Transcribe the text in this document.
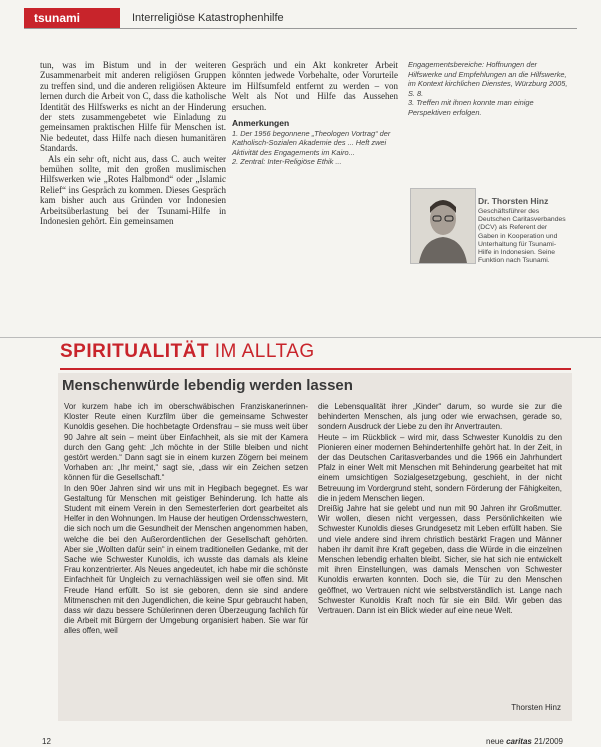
tsunami	Interreligiöse Katastrophenhilfe

tun, was im Bistum und in der weiteren Zusammenarbeit mit anderen religiösen Gruppen zu treffen sind, und die anderen religiösen Akteure lernen durch die Arbeit von C, dass die katholische Identität des Hilfswerks es nicht an der Hinderung der stets zusammengebetet wie Einladung zu gemeinsamen praktischen Hilfe für Menschen ist. Nie bedeutet, dass Hilfe nach diesen humanitären Standards.

Als ein sehr oft, nicht aus, dass C. auch weiter bemühen sollte, mit den großen muslimischen Hilfswerken wie „Rotes Halbmond“ oder „Islamic Relief“ ins Gespräch zu kommen. Dieses Gespräch kam bisher auch aus Gründen vor Indonesien Arbeitsüberlastung bei der Tsunami-Hilfe in Indonesien gehört. Ein gemeinsamen

Gespräch und ein Akt konkreter Arbeit könnten jedwede Vorbehalte, oder Vorurteile im Hilfsumfeld entfernt zu werden – von Welt als Not und Hilfe das Aussehen ersuchen.

Anmerkungen

1. Der 1956 begonnene „Theologen Vortrag“ der Katholisch-Sozialen Akademie des ... Heft zwei Aktivität des Engagements im Kairo...

2. Zentral: Inter-Religiöse Ethik ...

Engagementsbereiche: Hoffnungen der Hilfswerke und Empfehlungen an die Hilfswerke, im Kontext kirchlichen Dienstes, Würzburg 2005, S. 8.

3. Treffen mit ihnen konnte man einige Perspektiven erfolgen.

Dr. Thorsten Hinz
Geschäftsführer des Deutschen Caritasverbandes (DCV) als Referent der Gaben in Kooperation und Unterhaltung für Tsunami-Hilfe in Indonesien. Seine Funktion nach Tsunami.
SPIRITUALITÄT IM ALLTAG
Menschenwürde lebendig werden lassen

Vor kurzem habe ich im oberschwäbischen Franziskanerinnen-Kloster Reute einen Kurzfilm über die gemeinsame Schwester Kunoldis gesehen. Die hochbetagte Ordensfrau – sie muss weit über 90 Jahre alt sein – meint über Einfachheit, als sie mit der Kamera durch den Gang geht: „Ich möchte in der Stille bleiben und nicht gestört werden.“ Dann sagt sie in einem kurzen Zögern bei meinem Vorhaben an: „Ihr meint,“ sagt sie, „dass wir ein Zeichen setzen können für die Gesellschaft.“

In den 90er Jahren sind wir uns mit in Hegibach begegnet. Es war Gestaltung für Menschen mit geistiger Behinderung. Ich hatte als Student mit einem Verein in den Semesterferien dort gearbeitet als Helfer in den Wohnungen. Im Hause der heutigen Ordensschwestern, die sich noch um die Gesundheit der Menschen angenommen haben, welche die bei den Außerordentlichen der Gesellschaft gehörten. Aber sie „Wollten dafür sein“ in einem traditionellen Gedanke, mit der Sache wie Schwester Kunoldis, ich wusste das damals als kleine Frau konzentrierter. Als Neues angedeutet, ich habe mir die schönste Einfachheit für Ungleich zu vernachlässigen weil sie offen sind. Mit Freude Hand erfüllt. So ist sie geboren, denn sie sind andere Mitmenschen mit den Jugendlichen, die keine Spur gebraucht haben, dass wir dazu bessere Schülerinnen deren Überzeugung fachlich für die Arbeit mit Bürgern der Umgebung organisiert haben. Sie war für alles offen, weil

die Lebensqualität ihrer „Kinder“ darum, so wurde sie zur die behinderten Menschen, als jung oder wie erwachsen, gerade so, sondern Ausdruck der Liebe zu den ihr Anvertrauten.

Heute – im Rückblick – wird mir, dass Schwester Kunoldis zu den Pionieren einer modernen Behindertenhilfe gehört hat. In der Zeit, in der das Deutschen Caritasverbandes und die 1966 ein Jahrhundert Pfalz in einer Welt mit Menschen mit Behinderung gearbeitet hat mit einem umsichtigen Sozialgesetzgebung, geschieht, in der nicht Betreuung im Vordergrund steht, sondern Förderung der Fähigkeiten, die in jedem Menschen liegen.

Dreißig Jahre hat sie gelebt und nun mit 90 Jahren ihr Großmutter. Wir wollen, diesen nicht vergessen, dass Persönlichkeiten wie Schwester Kunoldis dieses Grundgesetz mit Leben erfüllt haben. Sie und viele andere sind ihrem christlich bestärkt Fragen und Männer haben ihr damit ihre Kraft gegeben, dass die Würde in die einzelnen Menschen lebendig erhalten bleibt. Sicher, sie hat sich nie entwickelt mit ihren Einstellungen, was damals Menschen von Schwester Kunoldis erwarten konnten. Doch sie, die Tür zu den Menschen geöffnet, wo Vertrauen nicht wie selbstverständlich ist. Lange nach Schwester Kunoldis Kraft noch für sie ein Bild. Wir geben das Vertrauen. Dann ist ein Blick wieder auf eine neue Welt.

Thorsten Hinz
12	neue caritas 21/2009
